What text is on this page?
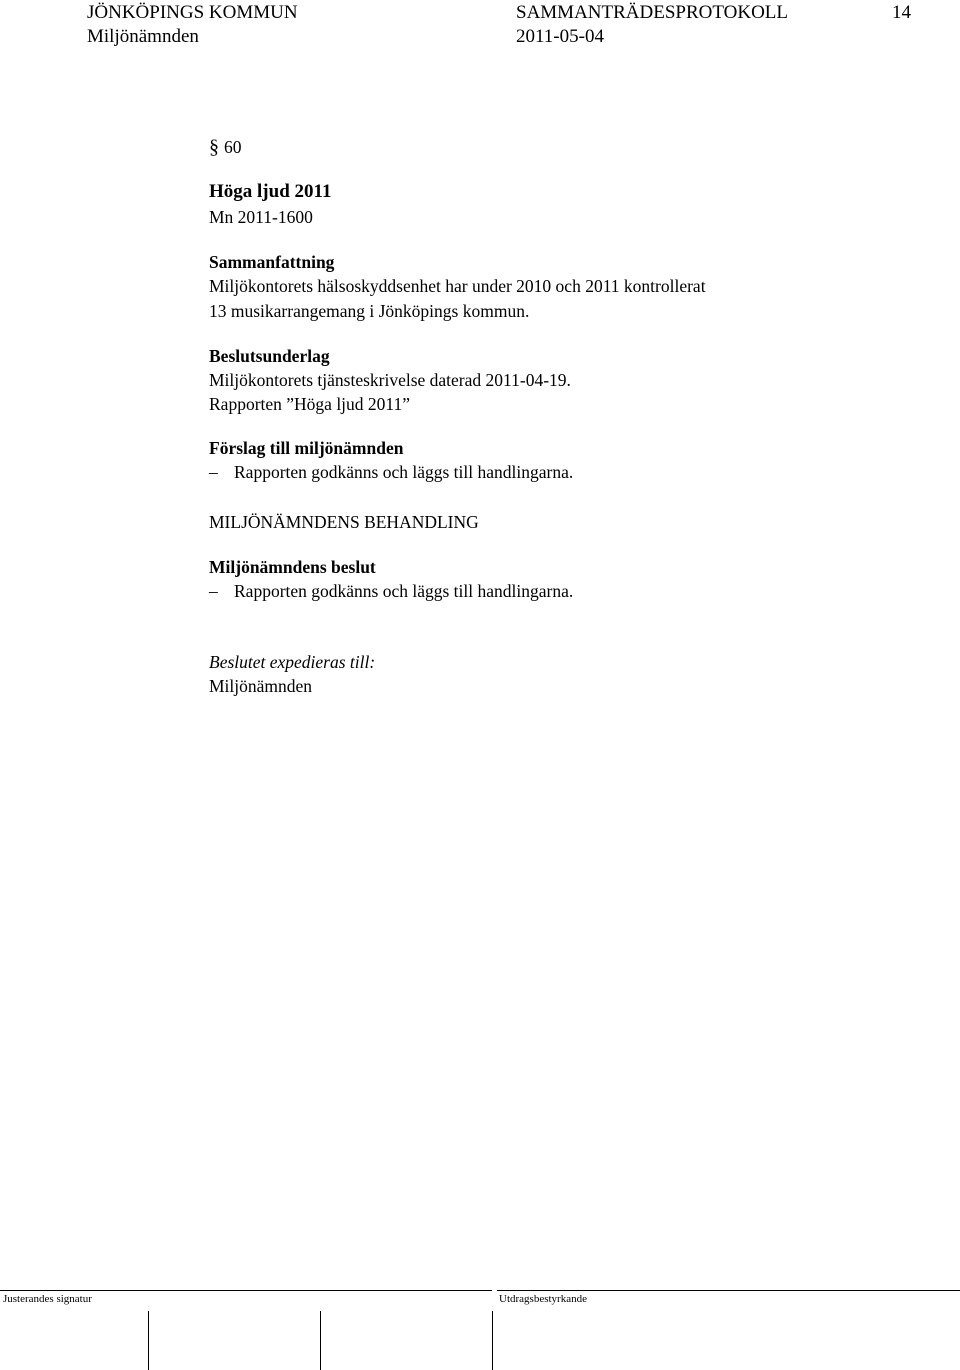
JÖNKÖPINGS KOMMUN	SAMMANTRÄDESPROTOKOLL	14
Miljönämnden	2011-05-04
§ 60
Höga ljud 2011
Mn 2011-1600
Sammanfattning
Miljökontorets hälsoskyddsenhet har under 2010 och 2011 kontrollerat
13 musikarrangemang i Jönköpings kommun.
Beslutsunderlag
Miljökontorets tjänsteskrivelse daterad 2011-04-19.
Rapporten ”Höga ljud 2011”
Förslag till miljönämnden
– Rapporten godkänns och läggs till handlingarna.
MILJÖNÄMNDENS BEHANDLING
Miljönämndens beslut
– Rapporten godkänns och läggs till handlingarna.
Beslutet expedieras till:
Miljönämnden
Justerandes signatur	Utdragsbestyrkande
